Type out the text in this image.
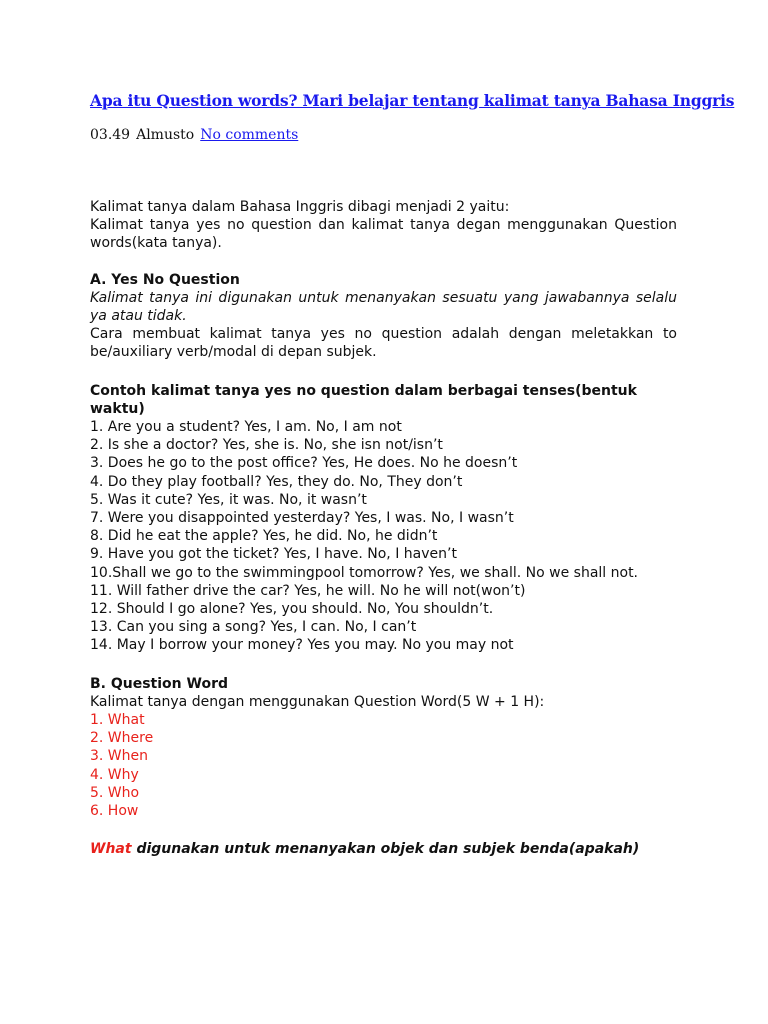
Apa itu Question words? Mari belajar tentang kalimat tanya Bahasa Inggris
03.49 Almusto No comments

Kalimat tanya dalam Bahasa Inggris dibagi menjadi 2 yaitu:

Kalimat tanya yes no question dan kalimat tanya degan menggunakan Question words(kata tanya).

A. Yes No Question

Kalimat tanya ini digunakan untuk menanyakan sesuatu yang jawabannya selalu ya atau tidak.

Cara membuat kalimat tanya yes no question adalah dengan meletakkan to be/auxiliary verb/modal di depan subjek.

Contoh kalimat tanya yes no question dalam berbagai tenses(bentuk waktu)

1. Are you a student? Yes, I am. No, I am not

2. Is she a doctor? Yes, she is. No, she isn not/isn’t

3. Does he go to the post office? Yes, He does. No he doesn’t

4. Do they play football? Yes, they do. No, They don’t

5. Was it cute? Yes, it was. No, it wasn’t

7. Were you disappointed yesterday? Yes, I was. No, I wasn’t

8. Did he eat the apple? Yes, he did. No, he didn’t

9. Have you got the ticket? Yes, I have. No, I haven’t

10.Shall we go to the swimmingpool tomorrow? Yes, we shall. No we shall not.

11. Will father drive the car? Yes, he will. No he will not(won’t)

12. Should I go alone? Yes, you should. No, You shouldn’t.

13. Can you sing a song? Yes, I can. No, I can’t

14. May I borrow your money? Yes you may. No you may not

B. Question Word

Kalimat tanya dengan menggunakan Question Word(5 W + 1 H):

1. What

2. Where

3. When

4. Why

5. Who

6. How

What digunakan untuk menanyakan objek dan subjek benda(apakah)
